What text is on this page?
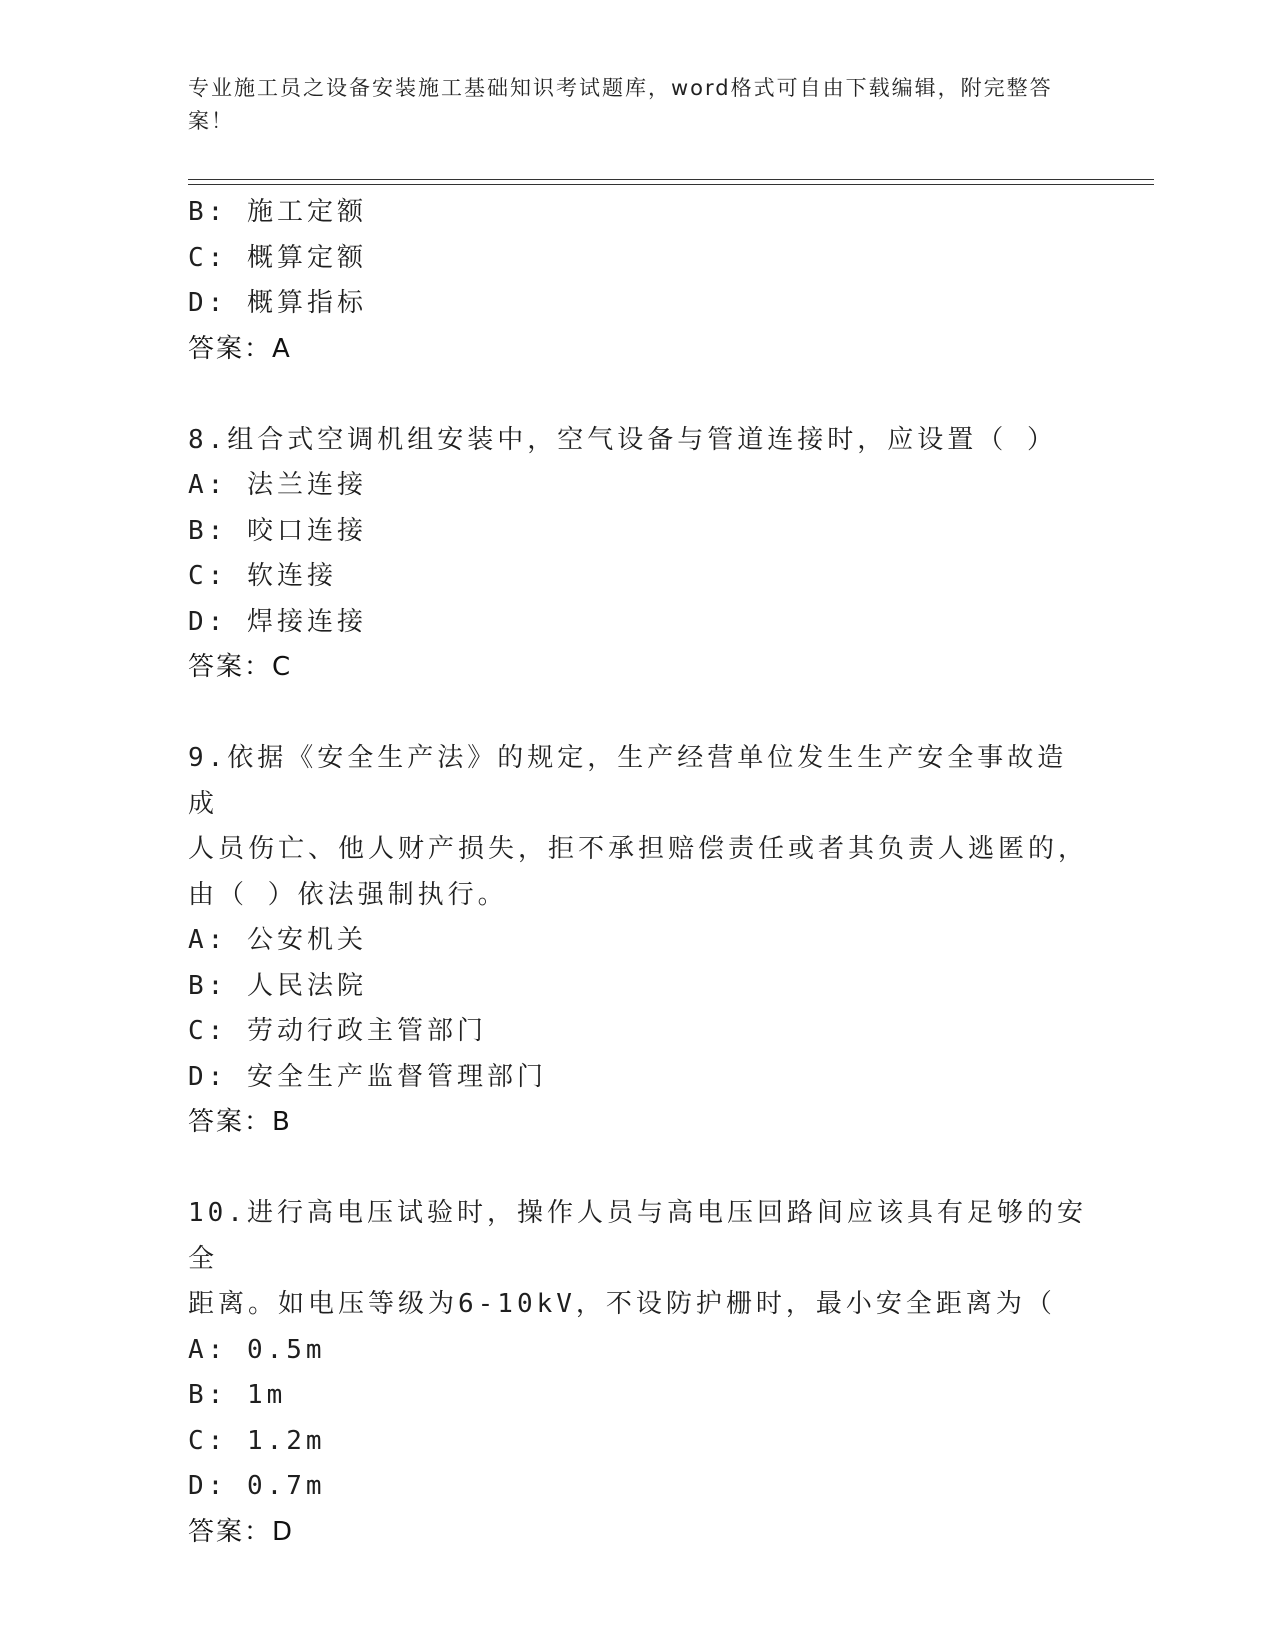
专业施工员之设备安装施工基础知识考试题库，word格式可自由下载编辑，附完整答案！
B: 施工定额
C: 概算定额
D: 概算指标
答案：A
8.组合式空调机组安装中，空气设备与管道连接时，应设置（ ）
A: 法兰连接
B: 咬口连接
C: 软连接
D: 焊接连接
答案：C
9.依据《安全生产法》的规定，生产经营单位发生生产安全事故造成
人员伤亡、他人财产损失，拒不承担赔偿责任或者其负责人逃匿的，
由（ ）依法强制执行。
A: 公安机关
B: 人民法院
C: 劳动行政主管部门
D: 安全生产监督管理部门
答案：B
10.进行高电压试验时，操作人员与高电压回路间应该具有足够的安全
距离。如电压等级为6-10kV，不设防护栅时，最小安全距离为（
A: 0.5m
B: 1m
C: 1.2m
D: 0.7m
答案：D
